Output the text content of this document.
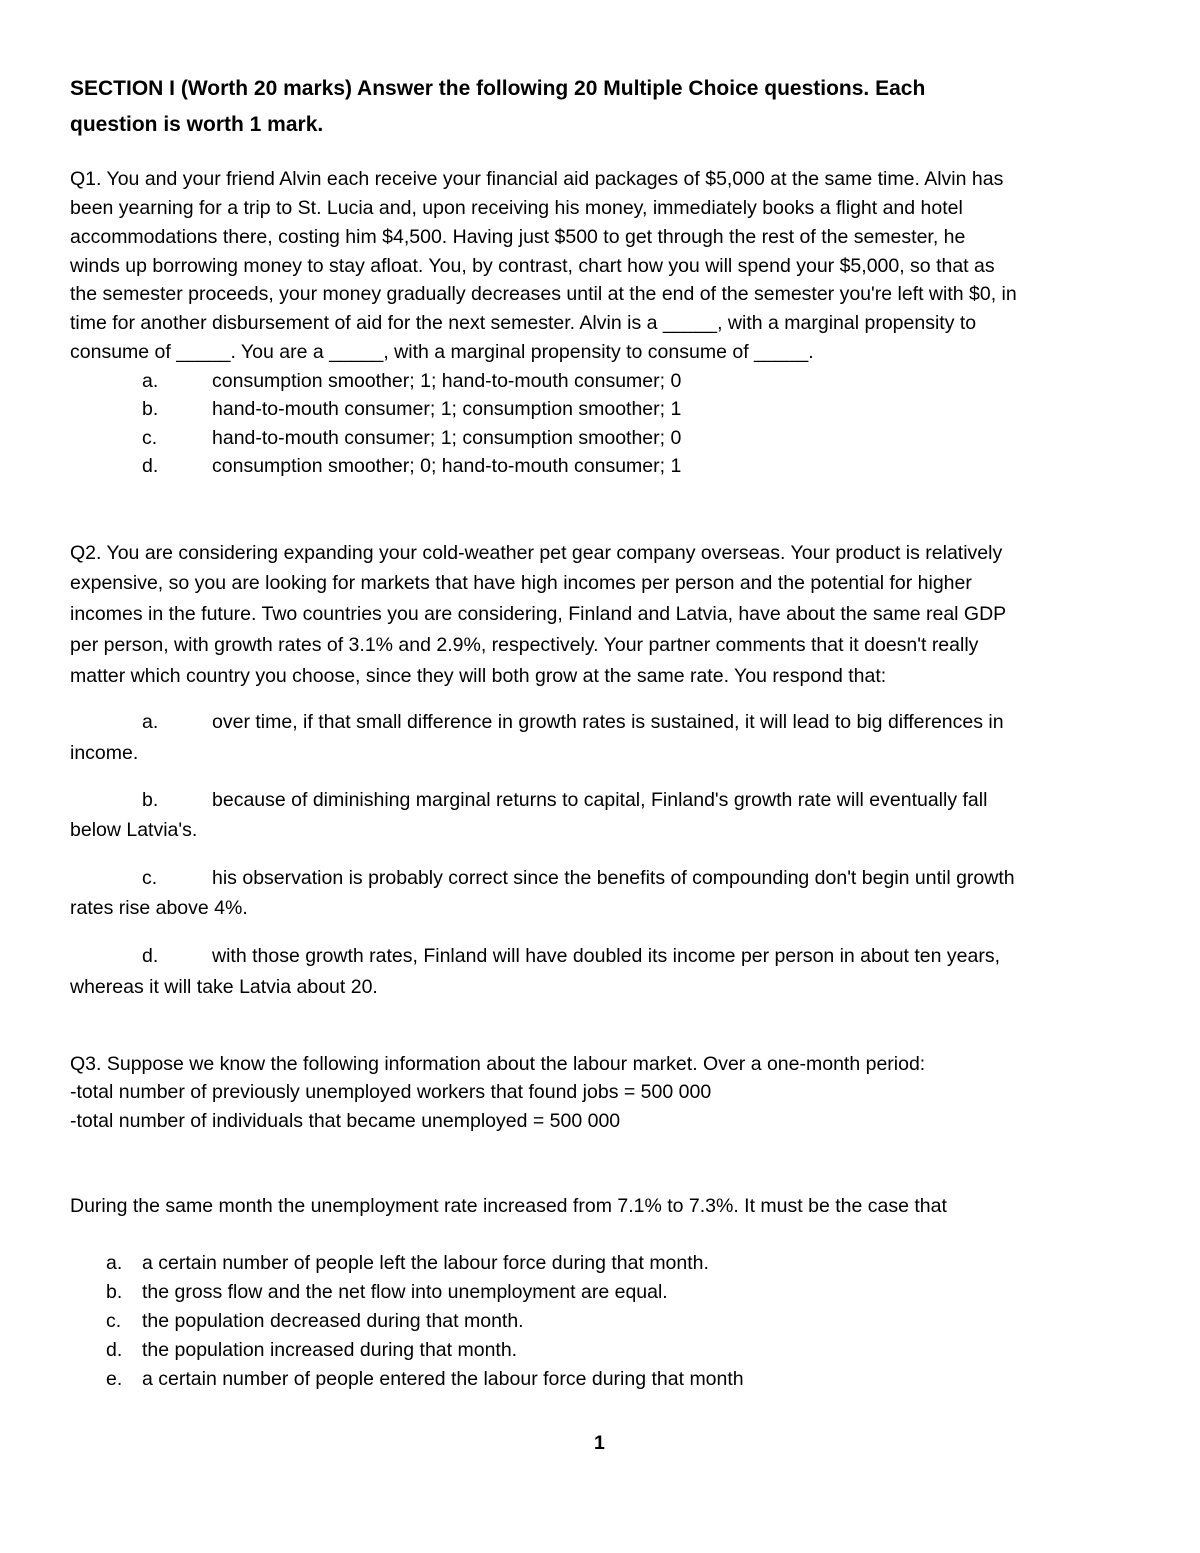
SECTION I (Worth 20 marks) Answer the following 20 Multiple Choice questions. Each
question is worth 1 mark.
Q1. You and your friend Alvin each receive your financial aid packages of $5,000 at the same time. Alvin has
been yearning for a trip to St. Lucia and, upon receiving his money, immediately books a flight and hotel
accommodations there, costing him $4,500. Having just $500 to get through the rest of the semester, he
winds up borrowing money to stay afloat. You, by contrast, chart how you will spend your $5,000, so that as
the semester proceeds, your money gradually decreases until at the end of the semester you're left with $0, in
time for another disbursement of aid for the next semester. Alvin is a _____, with a marginal propensity to
consume of _____. You are a _____, with a marginal propensity to consume of _____.
a.	consumption smoother; 1; hand-to-mouth consumer; 0
b.	hand-to-mouth consumer; 1; consumption smoother; 1
c.	hand-to-mouth consumer; 1; consumption smoother; 0
d.	consumption smoother; 0; hand-to-mouth consumer; 1
Q2. You are considering expanding your cold-weather pet gear company overseas. Your product is relatively
expensive, so you are looking for markets that have high incomes per person and the potential for higher
incomes in the future. Two countries you are considering, Finland and Latvia, have about the same real GDP
per person, with growth rates of 3.1% and 2.9%, respectively. Your partner comments that it doesn't really
matter which country you choose, since they will both grow at the same rate. You respond that:
a.	over time, if that small difference in growth rates is sustained, it will lead to big differences in
income.
b.	because of diminishing marginal returns to capital, Finland's growth rate will eventually fall
below Latvia's.
c.	his observation is probably correct since the benefits of compounding don't begin until growth
rates rise above 4%.
d.	with those growth rates, Finland will have doubled its income per person in about ten years,
whereas it will take Latvia about 20.
Q3. Suppose we know the following information about the labour market. Over a one-month period:
-total number of previously unemployed workers that found jobs = 500 000
-total number of individuals that became unemployed = 500 000
During the same month the unemployment rate increased from 7.1% to 7.3%. It must be the case that
a. a certain number of people left the labour force during that month.
b. the gross flow and the net flow into unemployment are equal.
c. the population decreased during that month.
d. the population increased during that month.
e. a certain number of people entered the labour force during that month
1
